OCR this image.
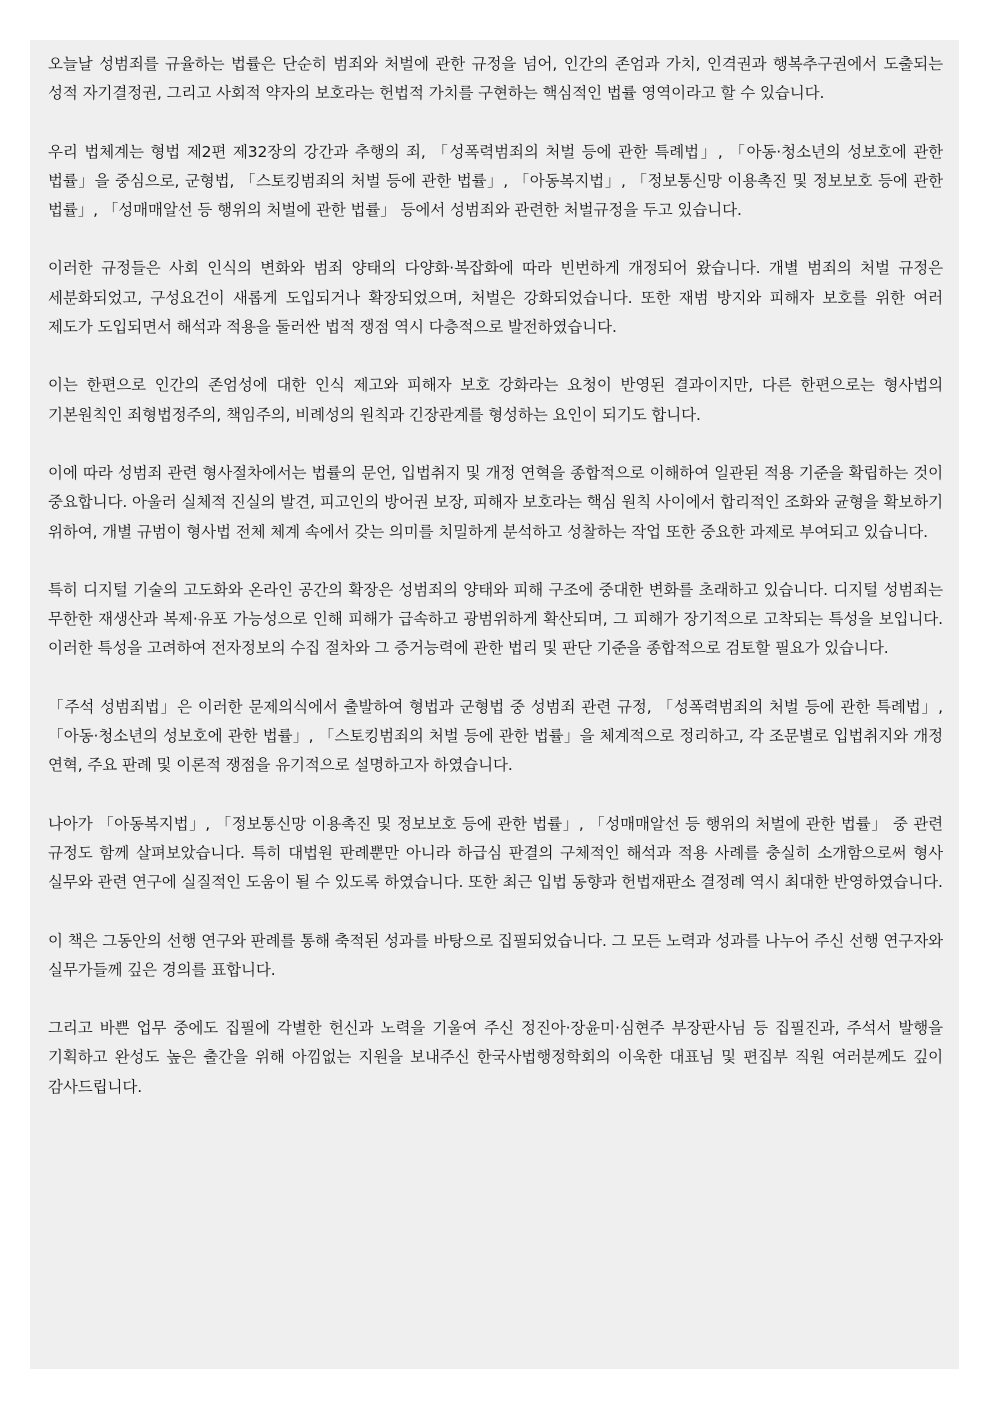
오늘날 성범죄를 규율하는 법률은 단순히 범죄와 처벌에 관한 규정을 넘어, 인간의 존엄과 가치, 인격권과 행복추구권에서 도출되는 성적 자기결정권, 그리고 사회적 약자의 보호라는 헌법적 가치를 구현하는 핵심적인 법률 영역이라고 할 수 있습니다.

우리 법체계는 형법 제2편 제32장의 강간과 추행의 죄, 「성폭력범죄의 처벌 등에 관한 특례법」, 「아동·청소년의 성보호에 관한 법률」을 중심으로, 군형법, 「스토킹범죄의 처벌 등에 관한 법률」, 「아동복지법」, 「정보통신망 이용촉진 및 정보보호 등에 관한 법률」, 「성매매알선 등 행위의 처벌에 관한 법률」 등에서 성범죄와 관련한 처벌규정을 두고 있습니다.

이러한 규정들은 사회 인식의 변화와 범죄 양태의 다양화·복잡화에 따라 빈번하게 개정되어 왔습니다. 개별 범죄의 처벌 규정은 세분화되었고, 구성요건이 새롭게 도입되거나 확장되었으며, 처벌은 강화되었습니다. 또한 재범 방지와 피해자 보호를 위한 여러 제도가 도입되면서 해석과 적용을 둘러싼 법적 쟁점 역시 다층적으로 발전하였습니다.

이는 한편으로 인간의 존엄성에 대한 인식 제고와 피해자 보호 강화라는 요청이 반영된 결과이지만, 다른 한편으로는 형사법의 기본원칙인 죄형법정주의, 책임주의, 비례성의 원칙과 긴장관계를 형성하는 요인이 되기도 합니다.

이에 따라 성범죄 관련 형사절차에서는 법률의 문언, 입법취지 및 개정 연혁을 종합적으로 이해하여 일관된 적용 기준을 확립하는 것이 중요합니다. 아울러 실체적 진실의 발견, 피고인의 방어권 보장, 피해자 보호라는 핵심 원칙 사이에서 합리적인 조화와 균형을 확보하기 위하여, 개별 규범이 형사법 전체 체계 속에서 갖는 의미를 치밀하게 분석하고 성찰하는 작업 또한 중요한 과제로 부여되고 있습니다.

특히 디지털 기술의 고도화와 온라인 공간의 확장은 성범죄의 양태와 피해 구조에 중대한 변화를 초래하고 있습니다. 디지털 성범죄는 무한한 재생산과 복제·유포 가능성으로 인해 피해가 급속하고 광범위하게 확산되며, 그 피해가 장기적으로 고착되는 특성을 보입니다. 이러한 특성을 고려하여 전자정보의 수집 절차와 그 증거능력에 관한 법리 및 판단 기준을 종합적으로 검토할 필요가 있습니다.

「주석 성범죄법」은 이러한 문제의식에서 출발하여 형법과 군형법 중 성범죄 관련 규정, 「성폭력범죄의 처벌 등에 관한 특례법」, 「아동·청소년의 성보호에 관한 법률」, 「스토킹범죄의 처벌 등에 관한 법률」을 체계적으로 정리하고, 각 조문별로 입법취지와 개정 연혁, 주요 판례 및 이론적 쟁점을 유기적으로 설명하고자 하였습니다.

나아가 「아동복지법」, 「정보통신망 이용촉진 및 정보보호 등에 관한 법률」, 「성매매알선 등 행위의 처벌에 관한 법률」 중 관련 규정도 함께 살펴보았습니다. 특히 대법원 판례뿐만 아니라 하급심 판결의 구체적인 해석과 적용 사례를 충실히 소개함으로써 형사 실무와 관련 연구에 실질적인 도움이 될 수 있도록 하였습니다. 또한 최근 입법 동향과 헌법재판소 결정례 역시 최대한 반영하였습니다.

이 책은 그동안의 선행 연구와 판례를 통해 축적된 성과를 바탕으로 집필되었습니다. 그 모든 노력과 성과를 나누어 주신 선행 연구자와 실무가들께 깊은 경의를 표합니다.

그리고 바쁜 업무 중에도 집필에 각별한 헌신과 노력을 기울여 주신 정진아·장윤미·심현주 부장판사님 등 집필진과, 주석서 발행을 기획하고 완성도 높은 출간을 위해 아낌없는 지원을 보내주신 한국사법행정학회의 이욱한 대표님 및 편집부 직원 여러분께도 깊이 감사드립니다.
